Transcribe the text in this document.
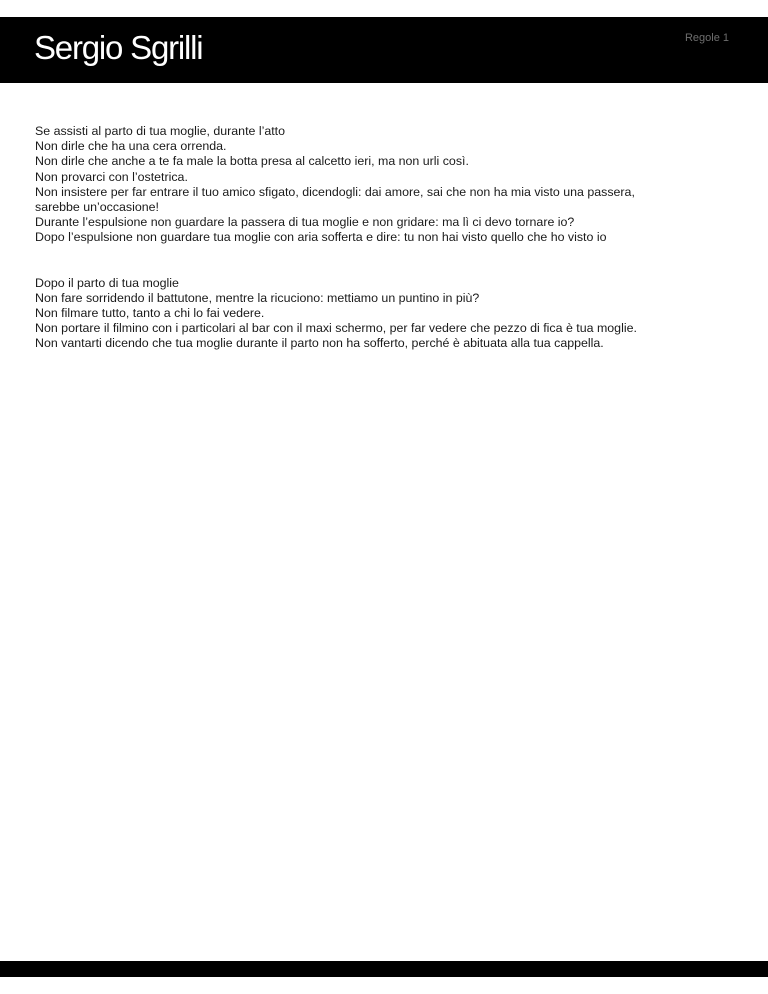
Sergio Sgrilli	Regole 1

Se assisti al parto di tua moglie, durante l’atto
Non dirle che ha una cera orrenda.
Non dirle che anche a te fa male la botta presa al calcetto ieri, ma non urli così.
Non provarci con l’ostetrica.
Non insistere per far entrare il tuo amico sfigato, dicendogli: dai amore, sai che non ha mia visto una passera,
sarebbe un’occasione!
Durante l’espulsione non guardare la passera di tua moglie e non gridare: ma lì ci devo tornare io?
Dopo l’espulsione non guardare tua moglie con aria sofferta e dire: tu non hai visto quello che ho visto io

Dopo il parto di tua moglie
Non fare sorridendo il battutone, mentre la ricuciono: mettiamo un puntino in più?
Non filmare tutto, tanto a chi lo fai vedere.
Non portare il filmino con i particolari al bar con il maxi schermo, per far vedere che pezzo di fica è tua moglie.
Non vantarti dicendo che tua moglie durante il parto non ha sofferto, perché è abituata alla tua cappella.
